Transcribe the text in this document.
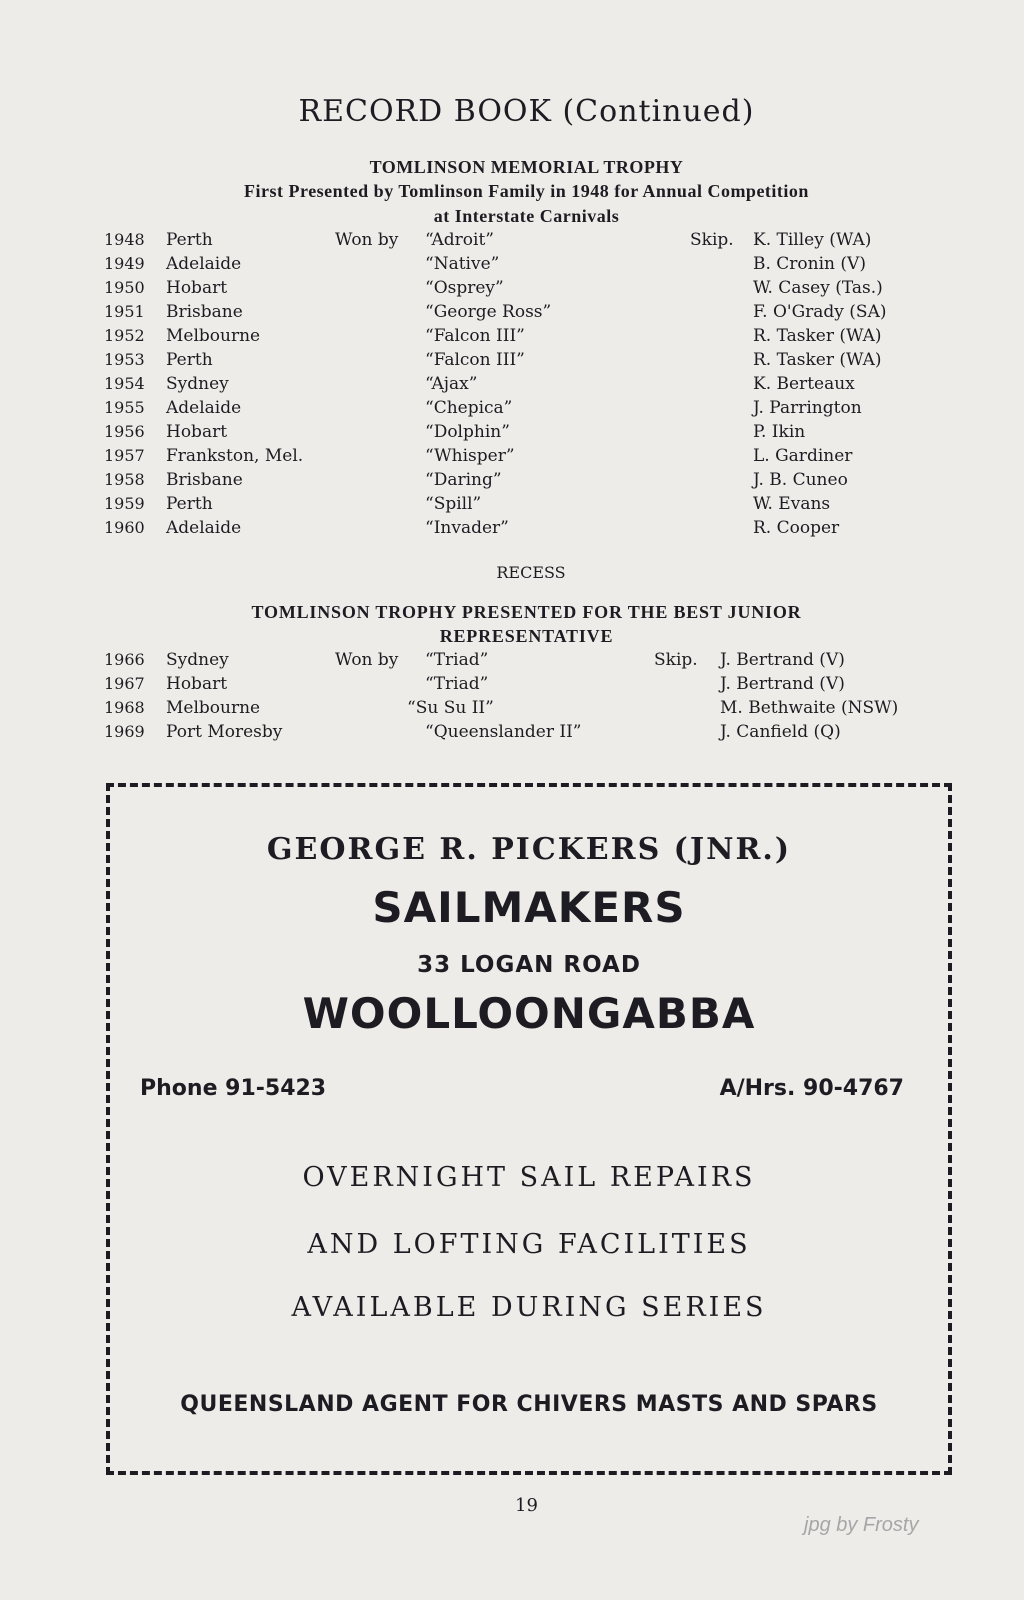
RECORD BOOK (Continued)
TOMLINSON MEMORIAL TROPHY
First Presented by Tomlinson Family in 1948 for Annual Competition
at Interstate Carnivals
1948 Perth	Won by “Adroit”	Skip. K. Tilley (WA)
1949 Adelaide	“Native”	B. Cronin (V)
1950 Hobart	“Osprey”	W. Casey (Tas.)
1951 Brisbane	“George Ross”	F. O'Grady (SA)
1952 Melbourne	“Falcon III”	R. Tasker (WA)
1953 Perth	“Falcon III”	R. Tasker (WA)
1954 Sydney	“Ajax”	K. Berteaux
1955 Adelaide	“Chepica”	J. Parrington
1956 Hobart	“Dolphin”	P. Ikin
1957 Frankston, Mel.	“Whisper”	L. Gardiner
1958 Brisbane	“Daring”	J. B. Cuneo
1959 Perth	“Spill”	W. Evans
1960 Adelaide	“Invader”	R. Cooper
RECESS
TOMLINSON TROPHY PRESENTED FOR THE BEST JUNIOR
REPRESENTATIVE
1966 Sydney	Won by “Triad”	Skip. J. Bertrand (V)
1967 Hobart	“Triad”	J. Bertrand (V)
1968 Melbourne	“Su Su II”	M. Bethwaite (NSW)
1969 Port Moresby	“Queenslander II”	J. Canfield (Q)
GEORGE R. PICKERS (JNR.)
SAILMAKERS
33 LOGAN ROAD
WOOLLOONGABBA
Phone 91-5423	A/Hrs. 90-4767
OVERNIGHT SAIL REPAIRS
AND LOFTING FACILITIES
AVAILABLE DURING SERIES
QUEENSLAND AGENT FOR CHIVERS MASTS AND SPARS
19
jpg by Frosty
